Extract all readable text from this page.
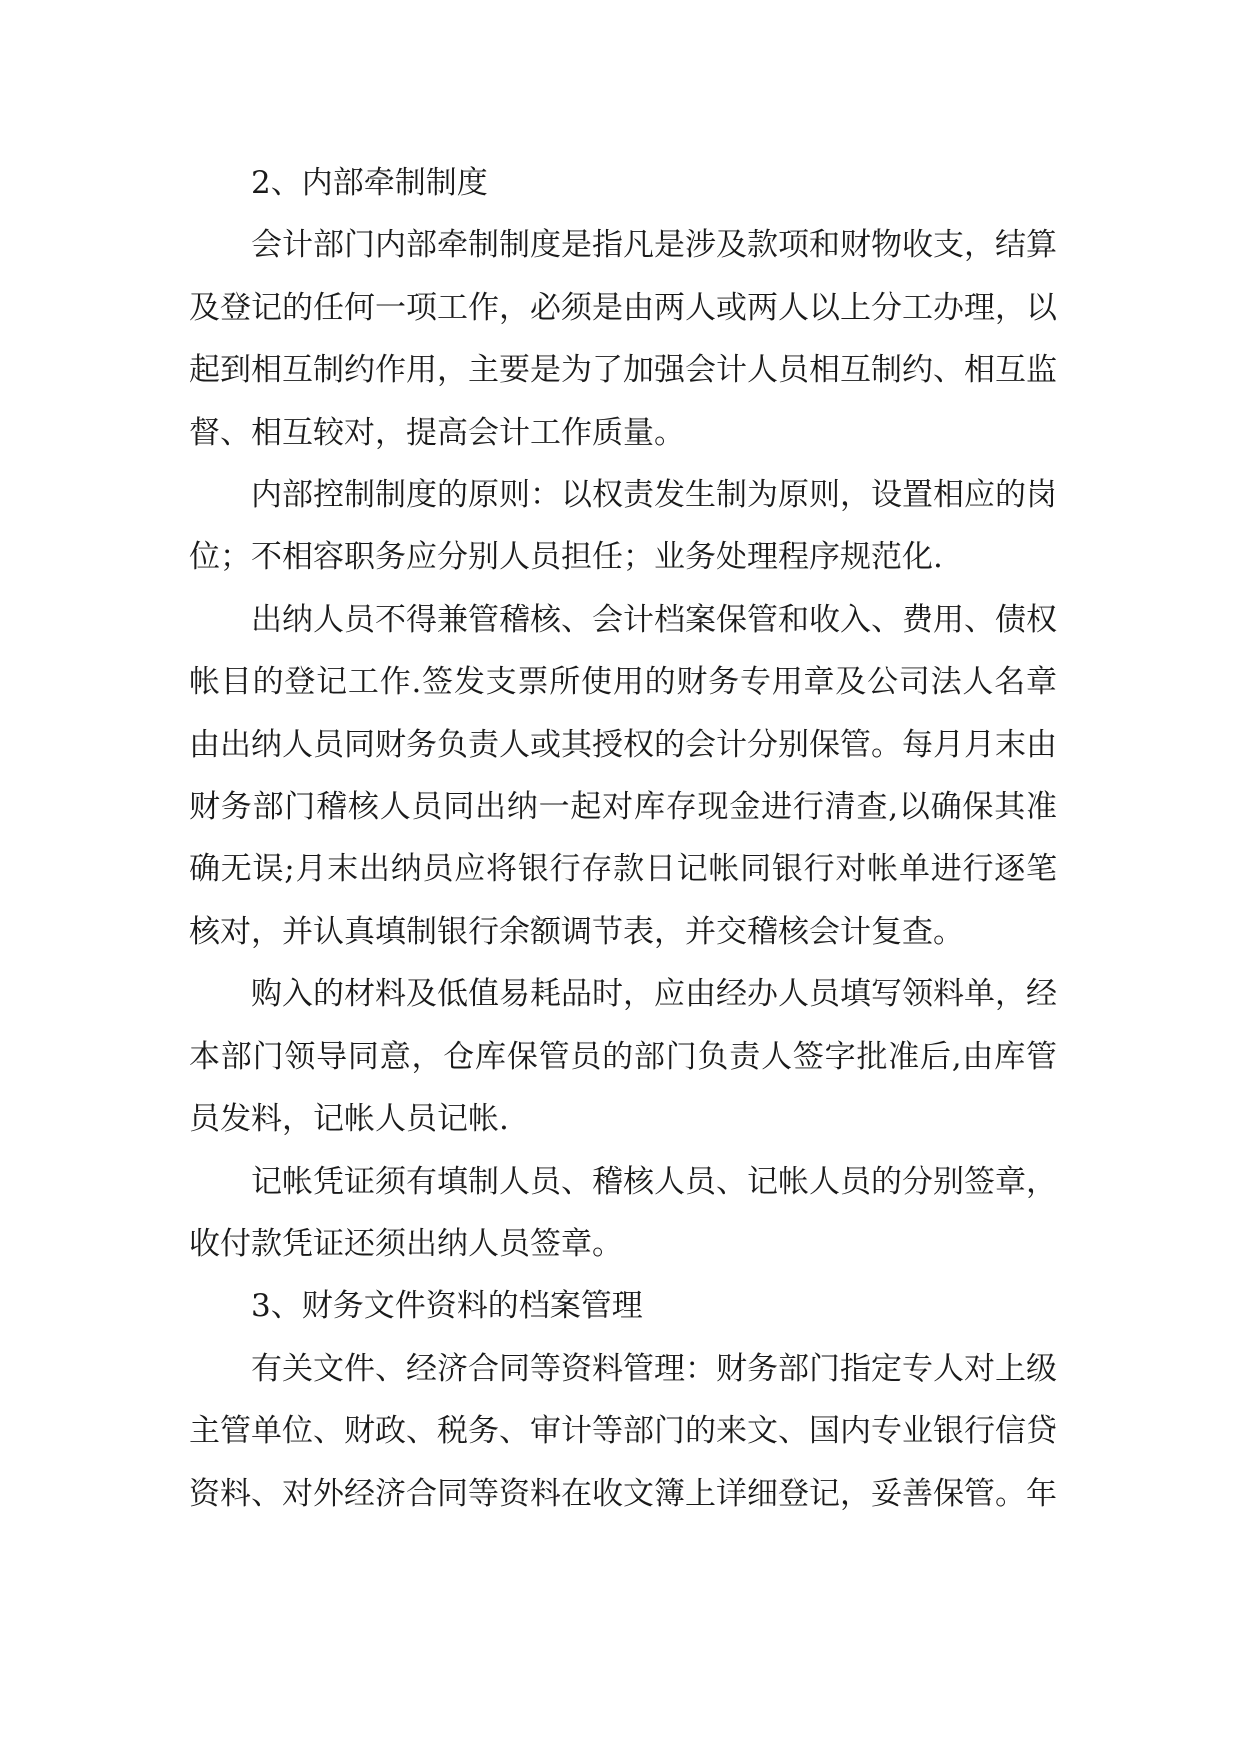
2、内部牵制制度

会计部门内部牵制制度是指凡是涉及款项和财物收支，结算及登记的任何一项工作，必须是由两人或两人以上分工办理，以起到相互制约作用，主要是为了加强会计人员相互制约、相互监督、相互较对，提高会计工作质量。

内部控制制度的原则：以权责发生制为原则，设置相应的岗位；不相容职务应分别人员担任；业务处理程序规范化.

出纳人员不得兼管稽核、会计档案保管和收入、费用、债权帐目的登记工作.签发支票所使用的财务专用章及公司法人名章由出纳人员同财务负责人或其授权的会计分别保管。每月月末由财务部门稽核人员同出纳一起对库存现金进行清查,以确保其准确无误;月末出纳员应将银行存款日记帐同银行对帐单进行逐笔核对，并认真填制银行余额调节表，并交稽核会计复查。

购入的材料及低值易耗品时，应由经办人员填写领料单，经本部门领导同意，仓库保管员的部门负责人签字批准后,由库管员发料，记帐人员记帐.

记帐凭证须有填制人员、稽核人员、记帐人员的分别签章，收付款凭证还须出纳人员签章。

3、财务文件资料的档案管理

有关文件、经济合同等资料管理：财务部门指定专人对上级主管单位、财政、税务、审计等部门的来文、国内专业银行信贷资料、对外经济合同等资料在收文簿上详细登记，妥善保管。年
